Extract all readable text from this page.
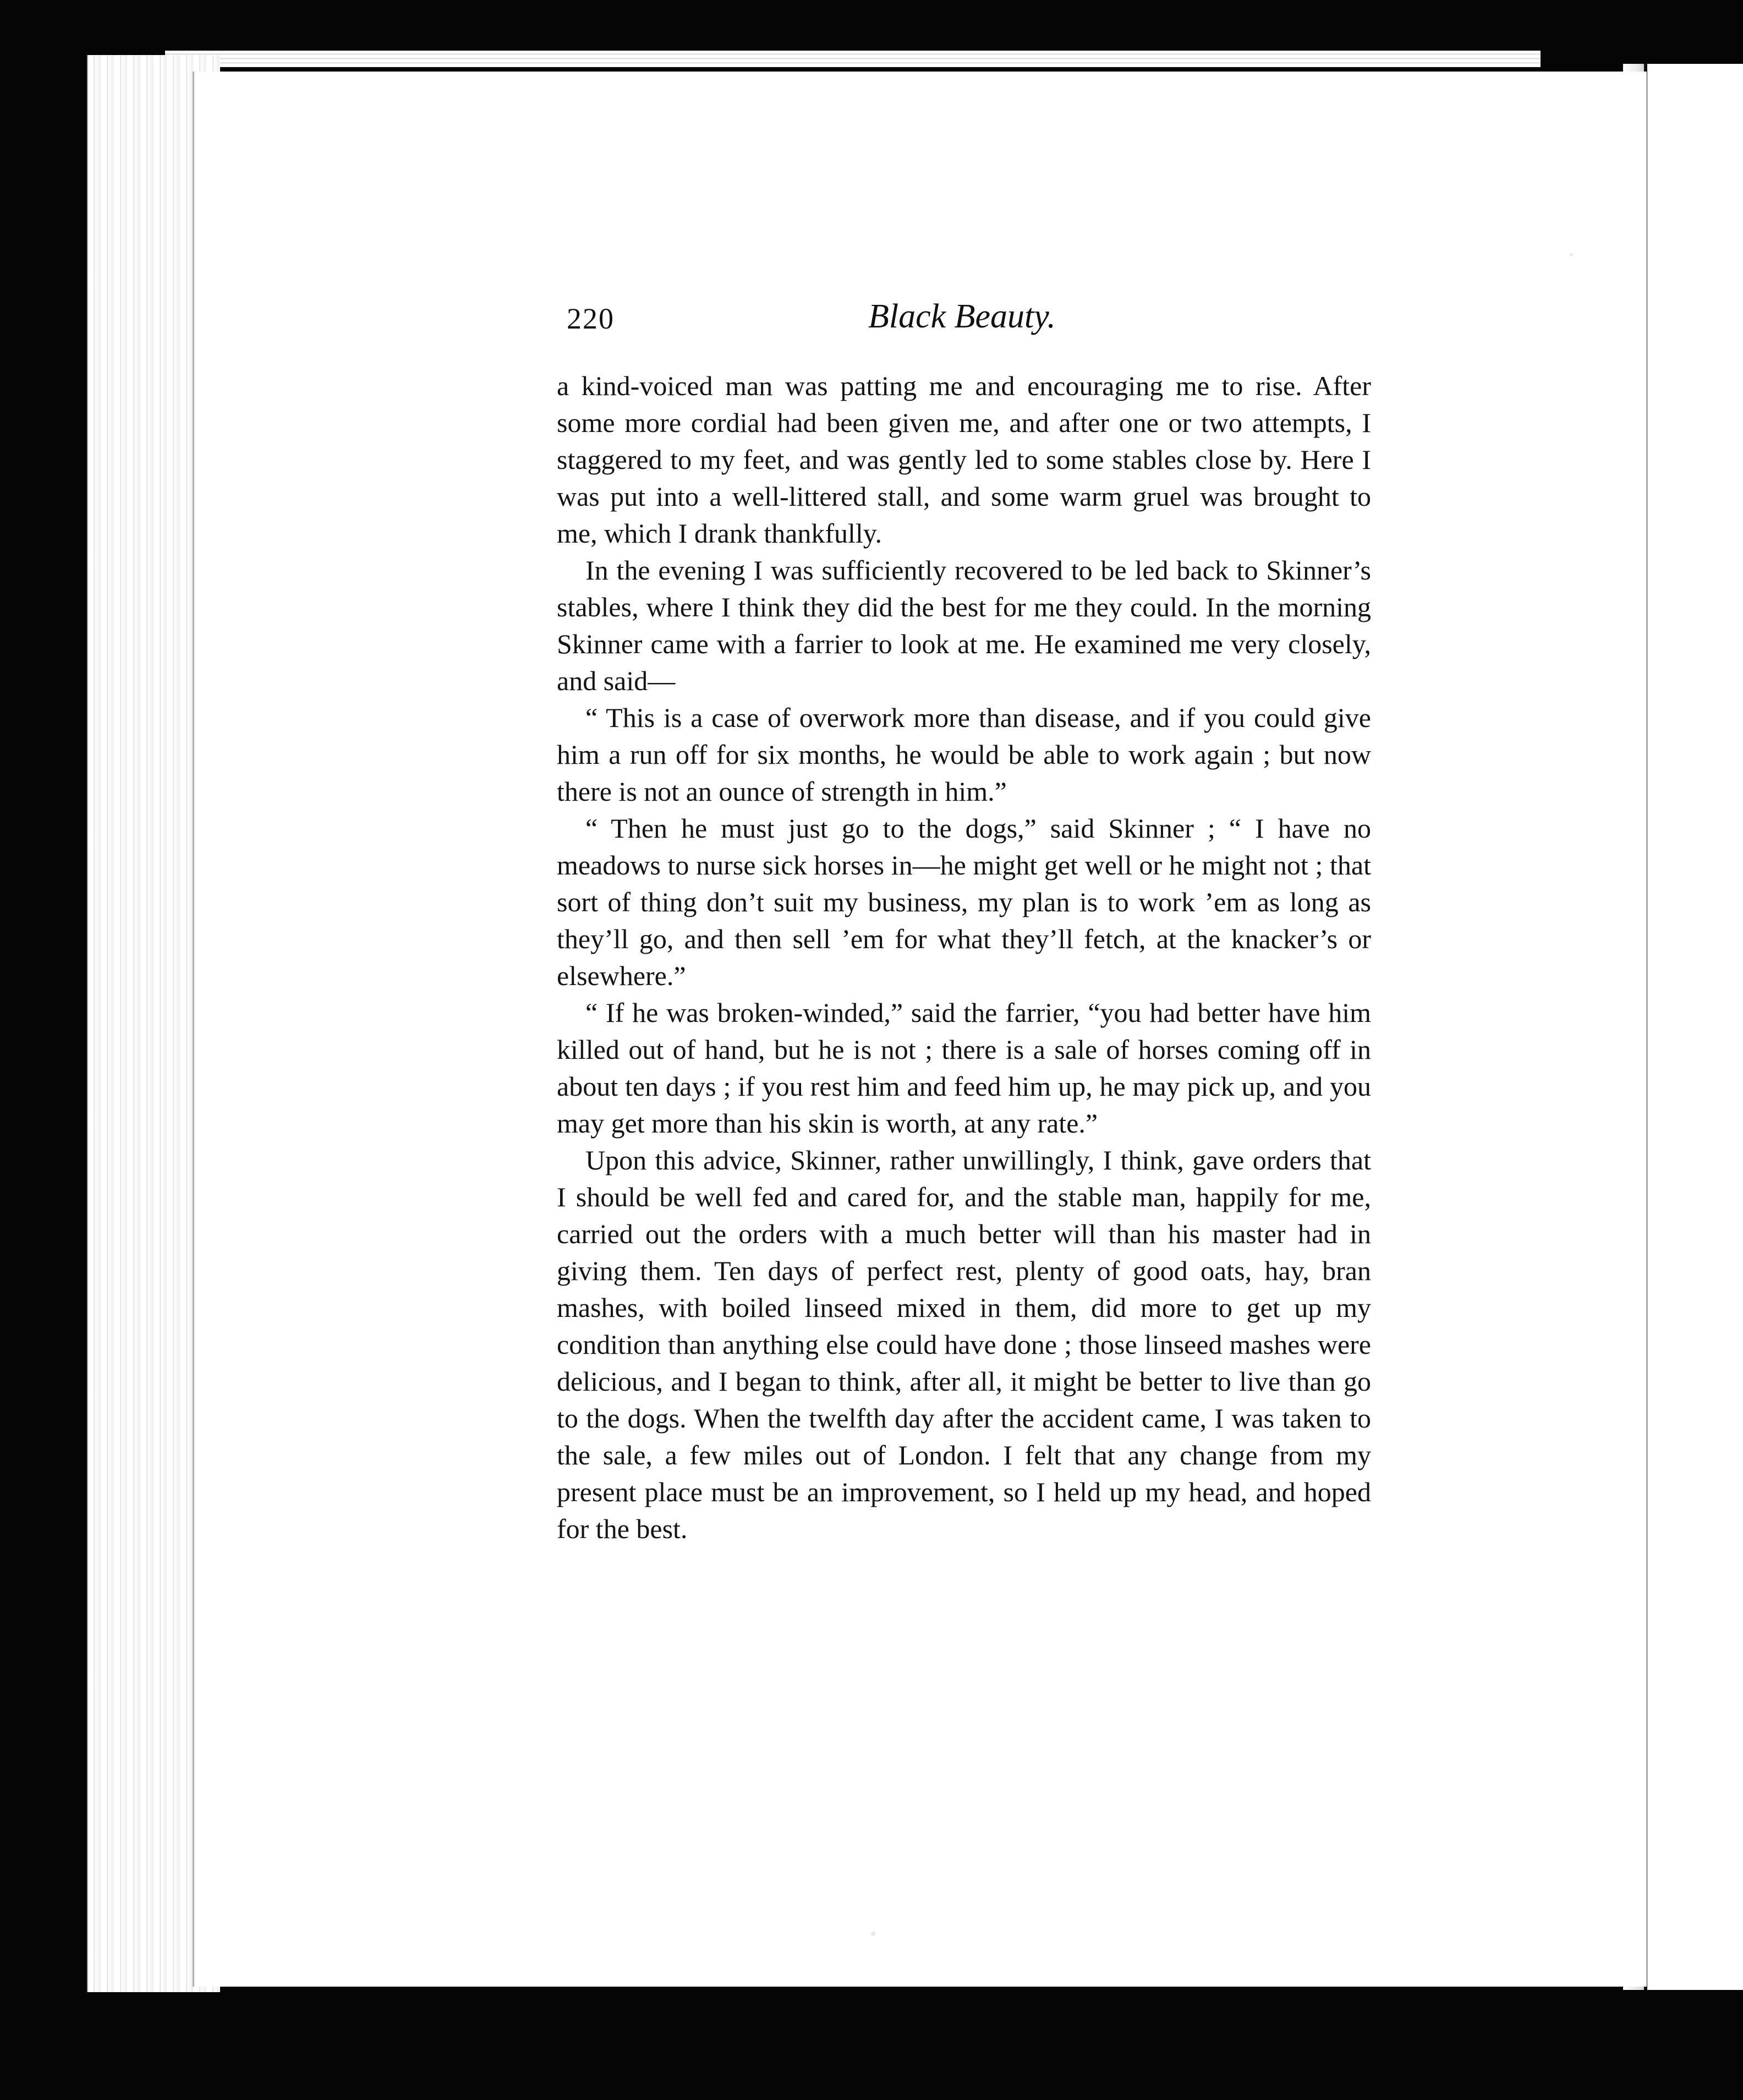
220	Black Beauty.

a kind-voiced man was patting me and encouraging me to rise. After some more cordial had been given me, and after one or two attempts, I staggered to my feet, and was gently led to some stables close by. Here I was put into a well-littered stall, and some warm gruel was brought to me, which I drank thankfully.

In the evening I was sufficiently recovered to be led back to Skinner’s stables, where I think they did the best for me they could. In the morning Skinner came with a farrier to look at me. He examined me very closely, and said—

“ This is a case of overwork more than disease, and if you could give him a run off for six months, he would be able to work again ; but now there is not an ounce of strength in him.”

“ Then he must just go to the dogs,” said Skinner ; “ I have no meadows to nurse sick horses in—he might get well or he might not ; that sort of thing don’t suit my business, my plan is to work ’em as long as they’ll go, and then sell ’em for what they’ll fetch, at the knacker’s or elsewhere.”

“ If he was broken-winded,” said the farrier, “you had better have him killed out of hand, but he is not ; there is a sale of horses coming off in about ten days ; if you rest him and feed him up, he may pick up, and you may get more than his skin is worth, at any rate.”

Upon this advice, Skinner, rather unwillingly, I think, gave orders that I should be well fed and cared for, and the stable man, happily for me, carried out the orders with a much better will than his master had in giving them. Ten days of perfect rest, plenty of good oats, hay, bran mashes, with boiled linseed mixed in them, did more to get up my condition than anything else could have done ; those linseed mashes were delicious, and I began to think, after all, it might be better to live than go to the dogs. When the twelfth day after the accident came, I was taken to the sale, a few miles out of London. I felt that any change from my present place must be an improvement, so I held up my head, and hoped for the best.
